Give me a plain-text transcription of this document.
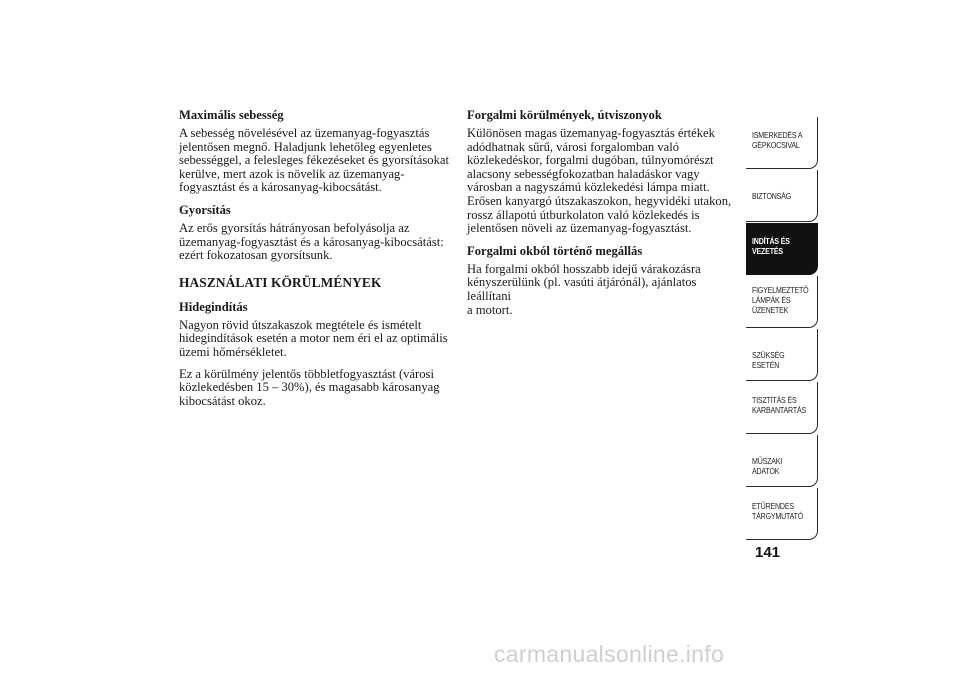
Maximális sebesség
A sebesség növelésével az üzemanyag-fogyasztás
jelentősen megnő. Haladjunk lehetőleg egyenletes
sebességgel, a felesleges fékezéseket és gyorsításokat
kerülve, mert azok is növelik az üzemanyag-
fogyasztást és a károsanyag-kibocsátást.
Gyorsítás
Az erős gyorsítás hátrányosan befolyásolja az
üzemanyag-fogyasztást és a károsanyag-kibocsátást:
ezért fokozatosan gyorsítsunk.
HASZNÁLATI KÖRÜLMÉNYEK
Hidegindítás
Nagyon rövid útszakaszok megtétele és ismételt
hidegindítások esetén a motor nem éri el az optimális
üzemi hőmérsékletet.
Ez a körülmény jelentős többletfogyasztást (városi
közlekedésben 15 – 30%), és magasabb károsanyag
kibocsátást okoz.
Forgalmi körülmények, útviszonyok
Különösen magas üzemanyag-fogyasztás értékek
adódhatnak sűrű, városi forgalomban való
közlekedéskor, forgalmi dugóban, túlnyomórészt
alacsony sebességfokozatban haladáskor vagy
városban a nagyszámú közlekedési lámpa miatt.
Erősen kanyargó útszakaszokon, hegyvidéki utakon,
rossz állapotú útburkolaton való közlekedés is
jelentősen növeli az üzemanyag-fogyasztást.
Forgalmi okból történő megállás
Ha forgalmi okból hosszabb idejű várakozásra
kényszerülünk (pl. vasúti átjárónál), ajánlatos leállítani
a motort.
ISMERKEDÉS A
GÉPKOCSIVAL
BIZTONSÁG
INDÍTÁS ÉS
VEZETÉS
FIGYELMEZTETŐ
LÁMPÁK ÉS
ÜZENETEK
SZÜKSÉG ESETÉN
TISZTÍTÁS ÉS
KARBANTARTÁS
MŰSZAKI ADATOK
ETŰRENDES
TÁRGYMUTATÓ
141
carmanualsonline.info
